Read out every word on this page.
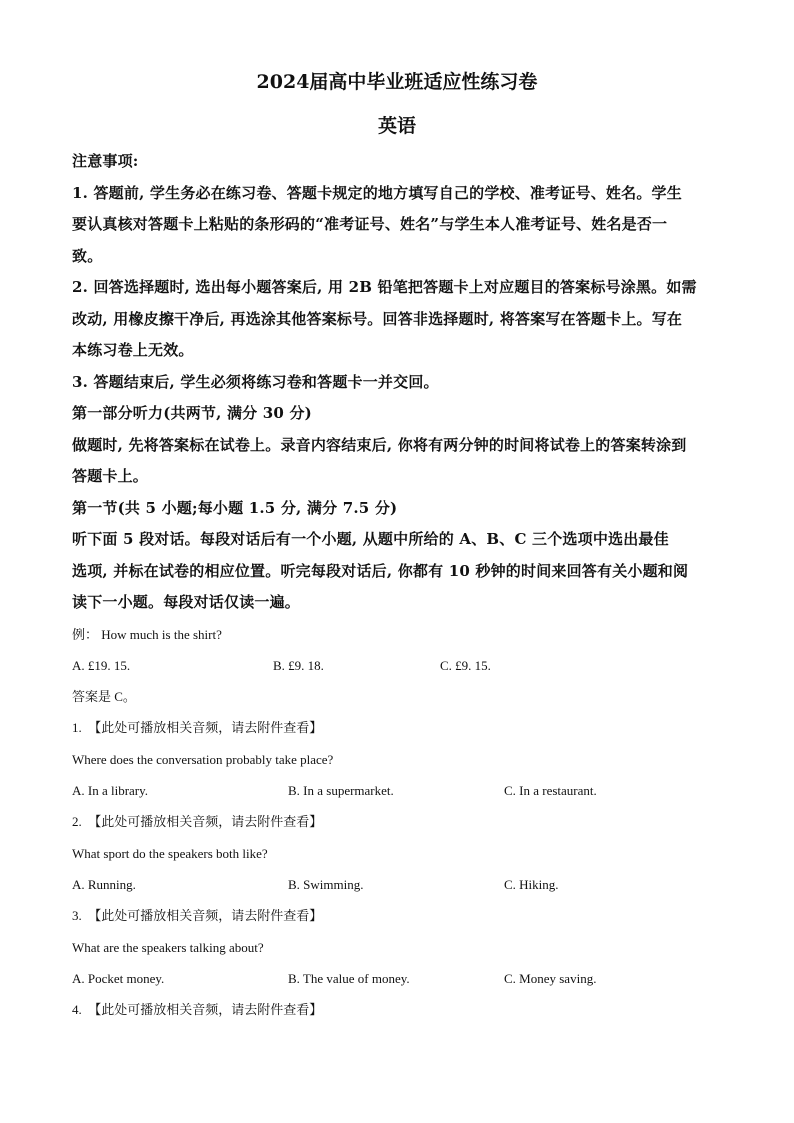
2024届高中毕业班适应性练习卷
英语
注意事项:
1. 答题前, 学生务必在练习卷、答题卡规定的地方填写自己的学校、准考证号、姓名。学生
要认真核对答题卡上粘贴的条形码的“准考证号、姓名”与学生本人准考证号、姓名是否一
致。
2. 回答选择题时, 选出每小题答案后, 用 2B 铅笔把答题卡上对应题目的答案标号涂黑。如需
改动, 用橡皮擦干净后, 再选涂其他答案标号。回答非选择题时, 将答案写在答题卡上。写在
本练习卷上无效。
3. 答题结束后, 学生必须将练习卷和答题卡一并交回。
第一部分听力(共两节, 满分 30 分)
做题时, 先将答案标在试卷上。录音内容结束后, 你将有两分钟的时间将试卷上的答案转涂到
答题卡上。
第一节(共 5 小题;每小题 1.5 分, 满分 7.5 分)
听下面 5 段对话。每段对话后有一个小题, 从题中所给的 A、B、C 三个选项中选出最佳
选项, 并标在试卷的相应位置。听完每段对话后, 你都有 10 秒钟的时间来回答有关小题和阅
读下一小题。每段对话仅读一遍。
例： How much is the shirt?
A. £19. 15.	B. £9. 18.	C. £9. 15.
答案是 C。
1. 【此处可播放相关音频，请去附件查看】
Where does the conversation probably take place?
A. In a library.	B. In a supermarket.	C. In a restaurant.
2. 【此处可播放相关音频，请去附件查看】
What sport do the speakers both like?
A. Running.	B. Swimming.	C. Hiking.
3. 【此处可播放相关音频，请去附件查看】
What are the speakers talking about?
A. Pocket money.	B. The value of money.	C. Money saving.
4. 【此处可播放相关音频，请去附件查看】
